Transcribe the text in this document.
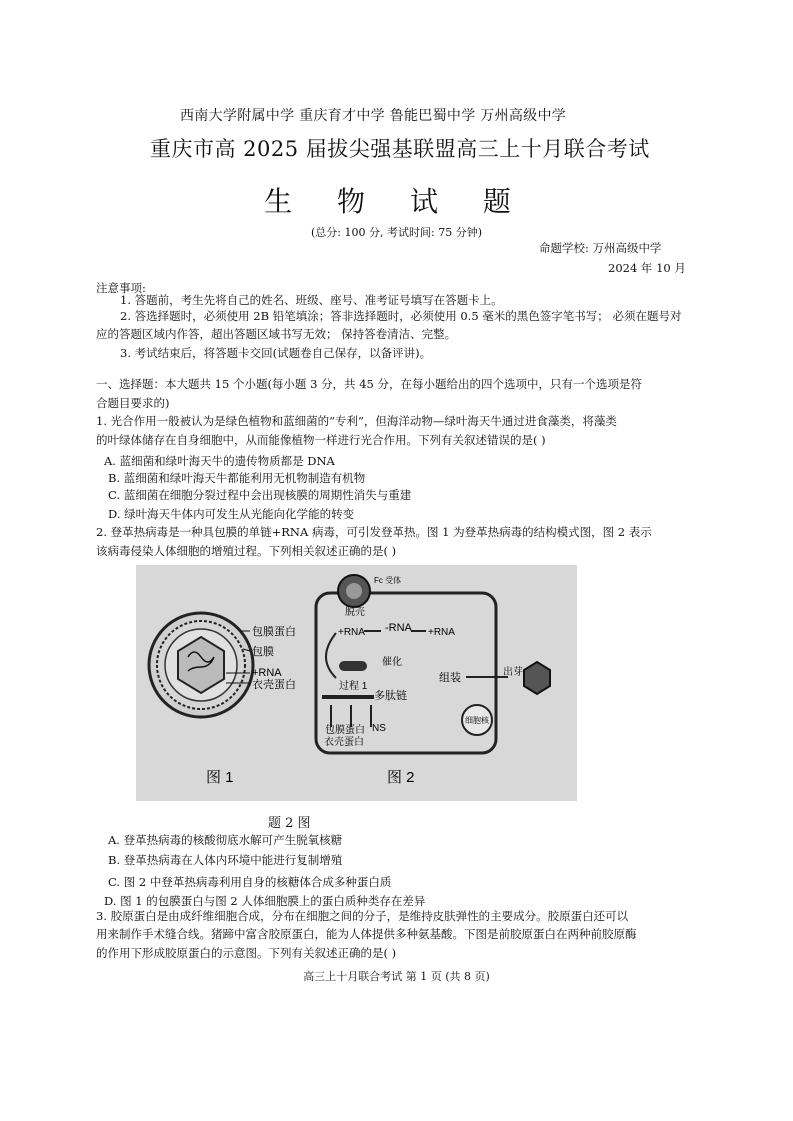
西南大学附属中学 重庆育才中学 鲁能巴蜀中学 万州高级中学
重庆市高 2025 届拔尖强基联盟高三上十月联合考试
生 物 试 题
(总分: 100 分, 考试时间: 75 分钟)
命题学校: 万州高级中学
2024 年 10 月
注意事项:
1. 答题前，考生先将自己的姓名、班级、座号、准考证号填写在答题卡上。
2. 答选择题时，必须使用 2B 铅笔填涂；答非选择题时，必须使用 0.5 毫米的黑色签字笔书写； 必须在题号对
应的答题区域内作答，超出答题区域书写无效； 保持答卷清洁、完整。
3. 考试结束后，将答题卡交回(试题卷自己保存，以备评讲)。
一、选择题：本大题共 15 个小题(每小题 3 分，共 45 分，在每小题给出的四个选项中，只有一个选项是符
合题目要求的)
1. 光合作用一般被认为是绿色植物和蓝细菌的“专利”，但海洋动物—绿叶海天牛通过进食藻类，将藻类
的叶绿体储存在自身细胞中，从而能像植物一样进行光合作用。下列有关叙述错误的是( )
A. 蓝细菌和绿叶海天牛的遗传物质都是 DNA
B. 蓝细菌和绿叶海天牛都能利用无机物制造有机物
C. 蓝细菌在细胞分裂过程中会出现核膜的周期性消失与重建
D. 绿叶海天牛体内可发生从光能向化学能的转变
2. 登革热病毒是一种具包膜的单链+RNA 病毒，可引发登革热。图 1 为登革热病毒的结构模式图，图 2 表示
该病毒侵染人体细胞的增殖过程。下列相关叙述正确的是( )
包膜蛋白
包膜
+RNA
衣壳蛋白
Fc 受体
脱壳
+RNA -RNA +RNA
催化
过程 1
多肽链
包膜蛋白
衣壳蛋白
NS
组装	出芽
细胞核
图 1	图 2
题 2 图
A. 登革热病毒的核酸彻底水解可产生脱氧核糖
B. 登革热病毒在人体内环境中能进行复制增殖
C. 图 2 中登革热病毒利用自身的核糖体合成多种蛋白质
D. 图 1 的包膜蛋白与图 2 人体细胞膜上的蛋白质种类存在差异
3. 胶原蛋白是由成纤维细胞合成，分布在细胞之间的分子，是维持皮肤弹性的主要成分。胶原蛋白还可以
用来制作手术缝合线。猪蹄中富含胶原蛋白，能为人体提供多种氨基酸。下图是前胶原蛋白在两种前胶原酶
的作用下形成胶原蛋白的示意图。下列有关叙述正确的是( )
高三上十月联合考试 第 1 页 (共 8 页)
